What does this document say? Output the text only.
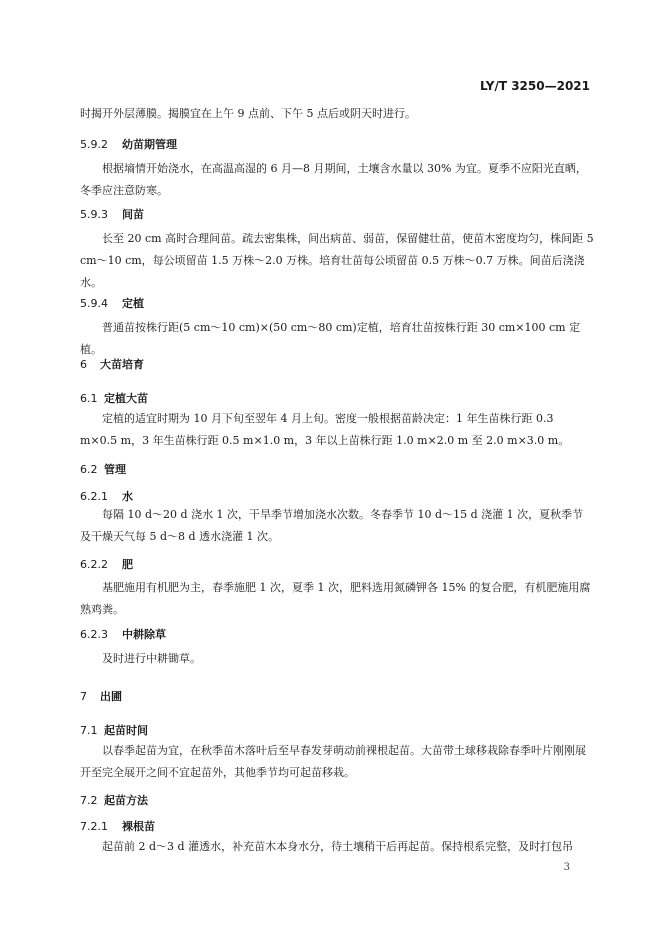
LY/T 3250—2021
时揭开外层薄膜。揭膜宜在上午 9 点前、下午 5 点后或阴天时进行。
5.9.2 幼苗期管理
根据墒情开始浇水，在高温高湿的 6 月—8 月期间，土壤含水量以 30% 为宜。夏季不应阳光直晒，冬季应注意防寒。
5.9.3 间苗
长至 20 cm 高时合理间苗。疏去密集株，间出病苗、弱苗，保留健壮苗，使苗木密度均匀，株间距 5 cm～10 cm，每公顷留苗 1.5 万株～2.0 万株。培育壮苗每公顷留苗 0.5 万株～0.7 万株。间苗后浇浇水。
5.9.4 定植
普通苗按株行距(5 cm～10 cm)×(50 cm～80 cm)定植，培育壮苗按株行距 30 cm×100 cm 定植。
6 大苗培育
6.1 定植大苗
定植的适宜时期为 10 月下旬至翌年 4 月上旬。密度一般根据苗龄决定：1 年生苗株行距 0.3 m×0.5 m，3 年生苗株行距 0.5 m×1.0 m，3 年以上苗株行距 1.0 m×2.0 m 至 2.0 m×3.0 m。
6.2 管理
6.2.1 水
每隔 10 d～20 d 浇水 1 次，干旱季节增加浇水次数。冬春季节 10 d～15 d 浇灌 1 次，夏秋季节及干燥天气每 5 d～8 d 透水浇灌 1 次。
6.2.2 肥
基肥施用有机肥为主，春季施肥 1 次，夏季 1 次，肥料选用氮磷钾各 15% 的复合肥，有机肥施用腐熟鸡粪。
6.2.3 中耕除草
及时进行中耕锄草。
7 出圃
7.1 起苗时间
以春季起苗为宜，在秋季苗木落叶后至早春发芽萌动前裸根起苗。大苗带土球移栽除春季叶片刚刚展开至完全展开之间不宜起苗外，其他季节均可起苗移栽。
7.2 起苗方法
7.2.1 裸根苗
起苗前 2 d～3 d 灌透水，补充苗木本身水分，待土壤稍干后再起苗。保持根系完整，及时打包吊
3
